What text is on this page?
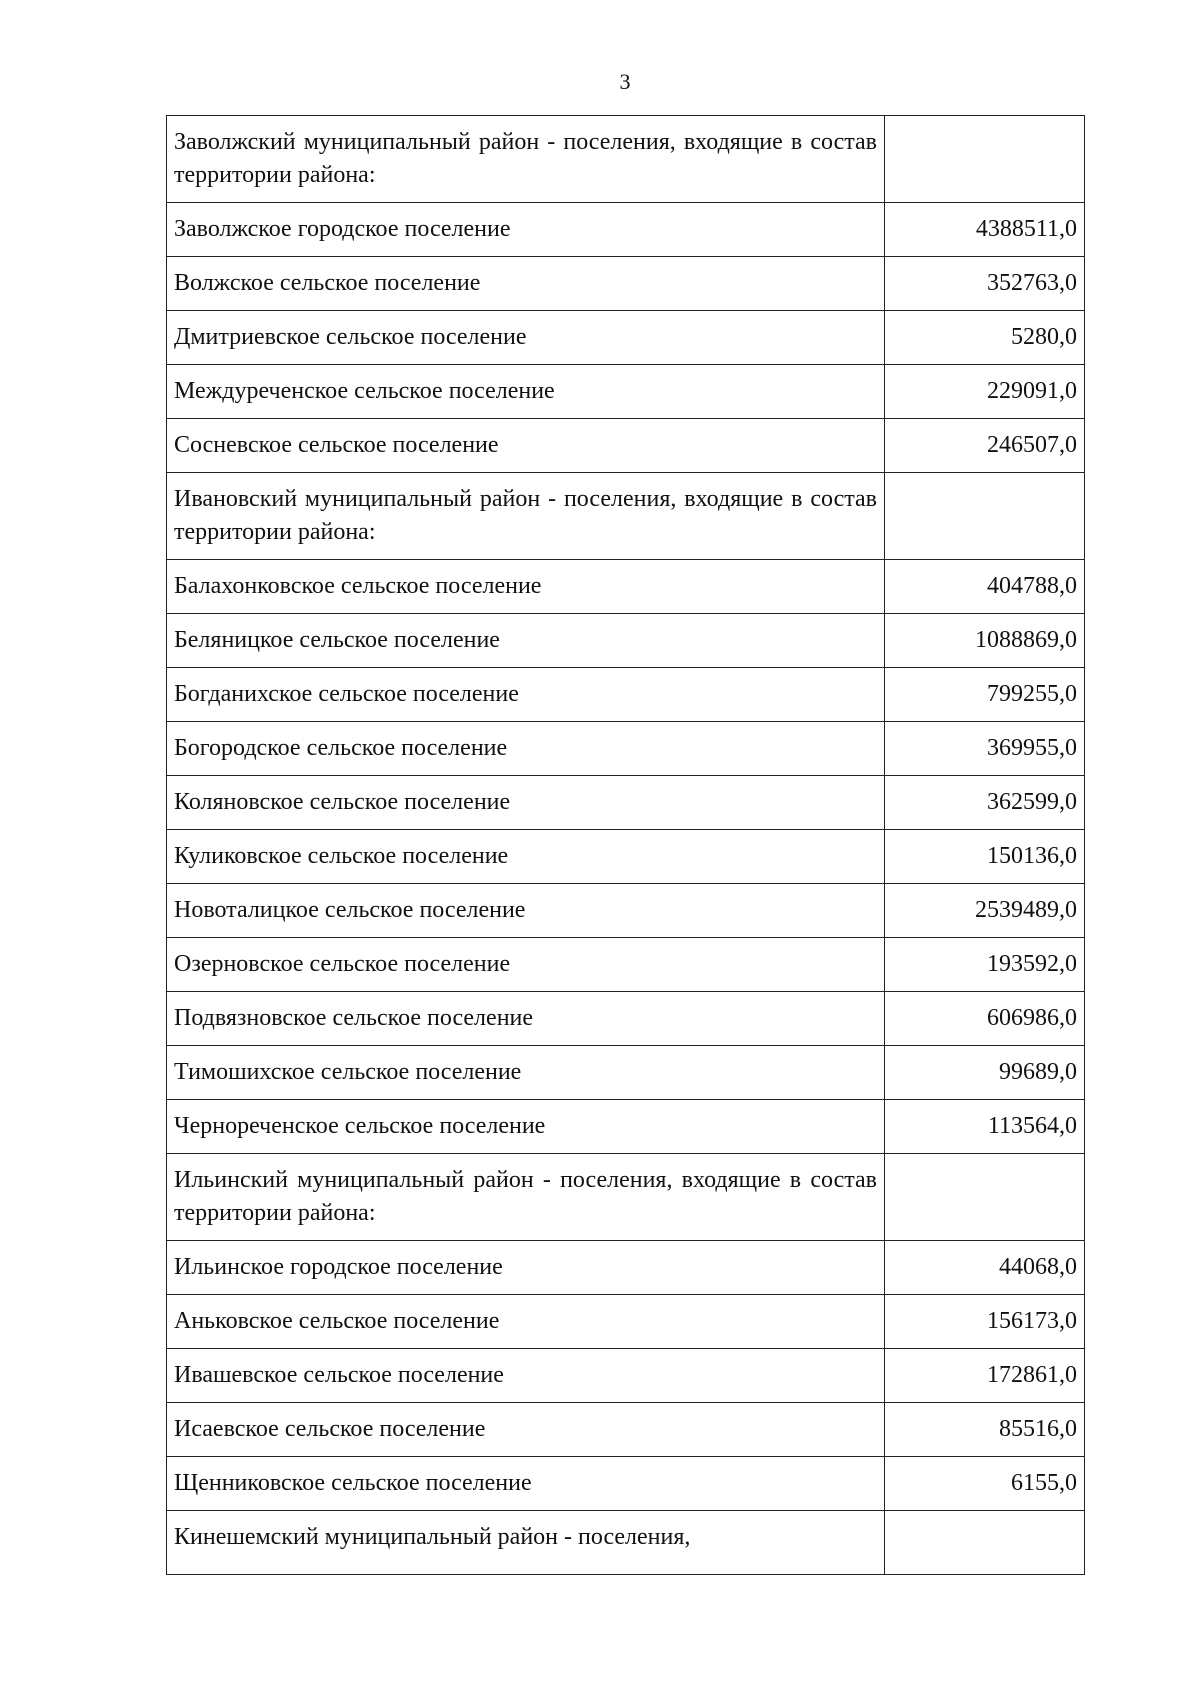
3
Заволжский муниципальный район - поселения, входящие в состав территории района:	
Заволжское городское поселение	4388511,0
Волжское сельское поселение	352763,0
Дмитриевское сельское поселение	5280,0
Междуреченское сельское поселение	229091,0
Сосневское сельское поселение	246507,0
Ивановский муниципальный район - поселения, входящие в состав территории района:	
Балахонковское сельское поселение	404788,0
Беляницкое сельское поселение	1088869,0
Богданихское сельское поселение	799255,0
Богородское сельское поселение	369955,0
Коляновское сельское поселение	362599,0
Куликовское сельское поселение	150136,0
Новоталицкое сельское поселение	2539489,0
Озерновское сельское поселение	193592,0
Подвязновское сельское поселение	606986,0
Тимошихское сельское поселение	99689,0
Чернореченское сельское поселение	113564,0
Ильинский муниципальный район - поселения, входящие в состав территории района:	
Ильинское городское поселение	44068,0
Аньковское сельское поселение	156173,0
Ивашевское сельское поселение	172861,0
Исаевское сельское поселение	85516,0
Щенниковское сельское поселение	6155,0
Кинешемский муниципальный район - поселения,	
